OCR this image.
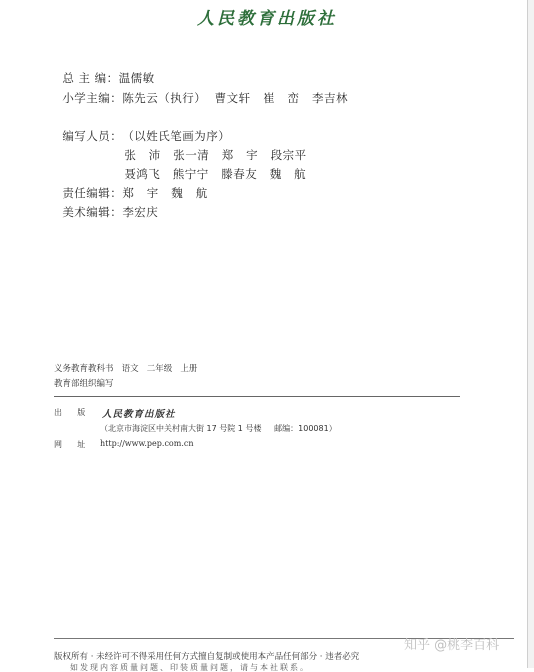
人民教育出版社

总 主 编：温儒敏

小学主编：陈先云（执行）  曹文轩   崔   峦   李吉林

编写人员：（以姓氏笔画为序）

张   沛   张一清   郑   宇   段宗平

聂鸿飞   熊宁宁   滕春友   魏   航

责任编辑：郑   宇   魏   航

美术编辑：李宏庆

义务教育教科书   语文   二年级   上册
教育部组织编写
出      版 人民教育出版社
（北京市海淀区中关村南大街 17 号院 1 号楼     邮编：100081）
网      址 http://www.pep.com.cn
版权所有 · 未经许可不得采用任何方式擅自复制或使用本产品任何部分 · 违者必究
如发现内容质量问题、印装质量问题，请与本社联系。
知乎 @桃李百科
